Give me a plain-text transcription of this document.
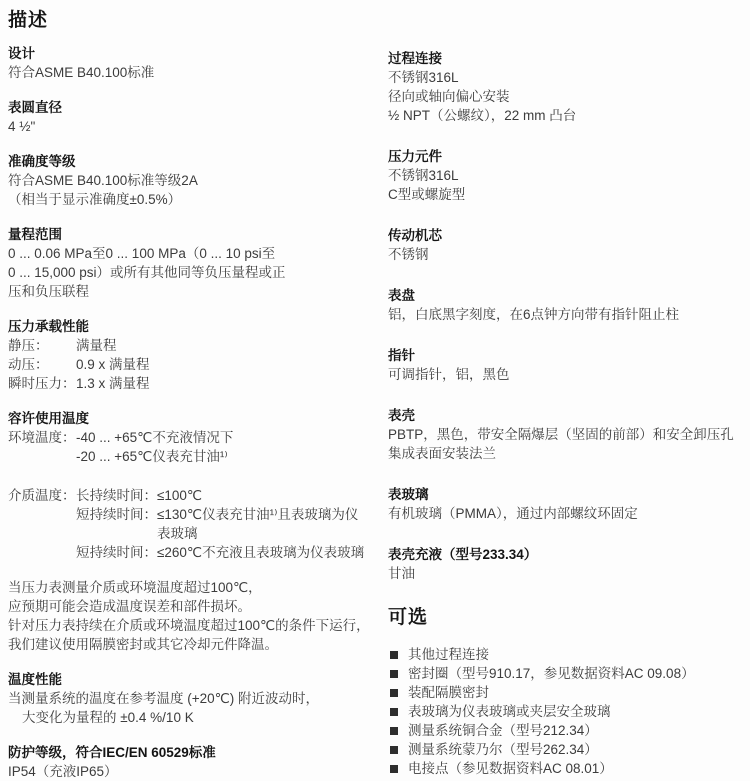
描述
设计
符合ASME B40.100标准
表圆直径
4 ½"
准确度等级
符合ASME B40.100标准等级2A
（相当于显示准确度±0.5%）
量程范围
0 ... 0.06 MPa至0 ... 100 MPa（0 ... 10 psi至
0 ... 15,000 psi）或所有其他同等负压量程或正
压和负压联程
压力承载性能
静压：	满量程
动压：	0.9 x 满量程
瞬时压力： 1.3 x 满量程
容许使用温度
环境温度： -40 ... +65℃不充液情况下
-20 ... +65℃仪表充甘油¹⁾
介质温度： 长持续时间： ≤100℃
短持续时间： ≤130℃仪表充甘油¹⁾且表玻璃为仪表玻璃
短持续时间： ≤260℃不充液且表玻璃为仪表玻璃
当压力表测量介质或环境温度超过100℃，
应预期可能会造成温度误差和部件损坏。
针对压力表持续在介质或环境温度超过100℃的条件下运行，
我们建议使用隔膜密封或其它冷却元件降温。
温度性能
当测量系统的温度在参考温度 (+20℃) 附近波动时，
大变化为量程的 ±0.4 %/10 K
防护等级，符合IEC/EN 60529标准
IP54（充液IP65）
过程连接
不锈钢316L
径向或轴向偏心安装
½ NPT（公螺纹），22 mm 凸台
压力元件
不锈钢316L
C型或螺旋型
传动机芯
不锈钢
表盘
铝，白底黑字刻度，在6点钟方向带有指针阻止柱
指针
可调指针，铝，黑色
表壳
PBTP，黑色，带安全隔爆层（坚固的前部）和安全卸压孔
集成表面安装法兰
表玻璃
有机玻璃（PMMA），通过内部螺纹环固定
表壳充液（型号233.34）
甘油
可选
其他过程连接
密封圈（型号910.17，参见数据资料AC 09.08）
装配隔膜密封
表玻璃为仪表玻璃或夹层安全玻璃
测量系统铜合金（型号212.34）
测量系统蒙乃尔（型号262.34）
电接点（参见数据资料AC 08.01）
